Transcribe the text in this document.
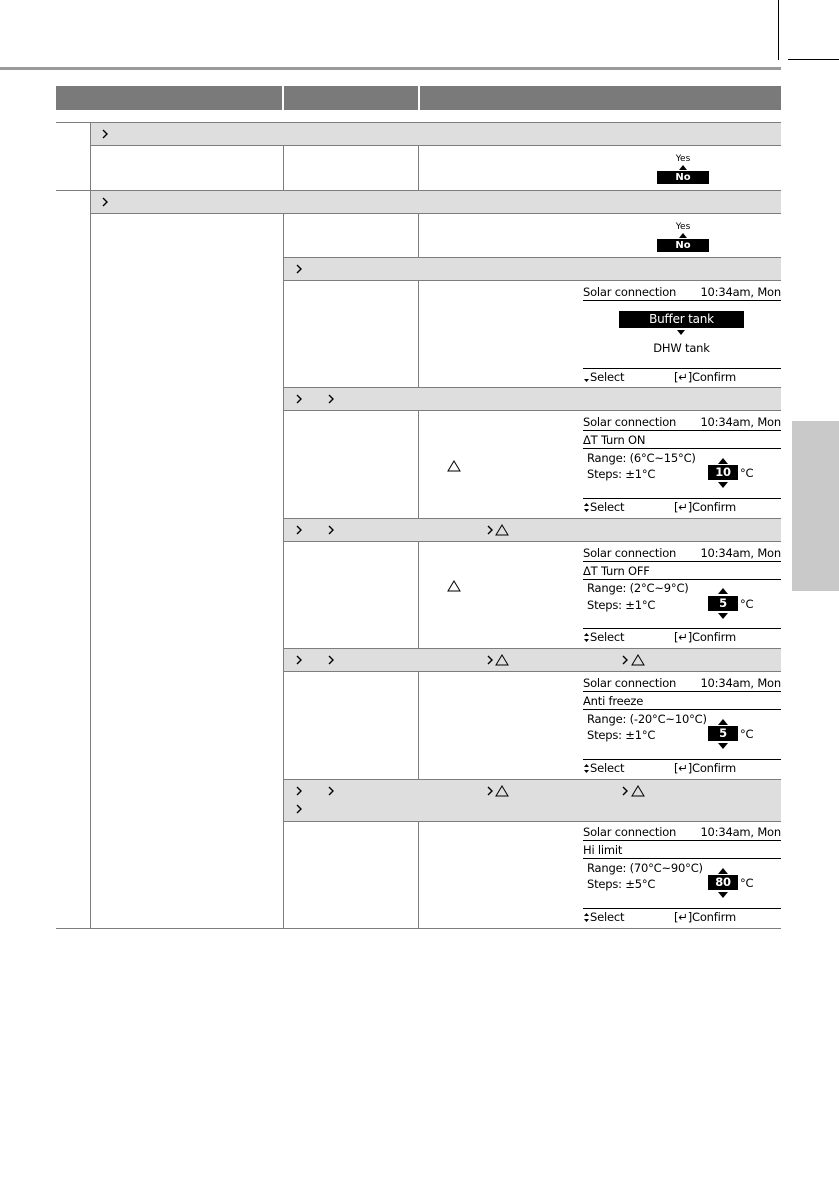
Yes
No
Yes
No
Solar connection 10:34am, Mon
Buffer tank
DHW tank
Select	[↵]Confirm
Solar connection 10:34am, Mon
ΔT Turn ON
Range: (6°C~15°C)
Steps: ±1°C	10 °C
Select	[↵]Confirm
Solar connection 10:34am, Mon
ΔT Turn OFF
Range: (2°C~9°C)
Steps: ±1°C	5	°C
Select	[↵]Confirm
Solar connection 10:34am, Mon
Anti freeze
Range: (-20°C~10°C)
Steps: ±1°C	5	°C
Select	[↵]Confirm
Solar connection 10:34am, Mon
Hi limit
Range: (70°C~90°C)
Steps: ±5°C	80 °C
Select	[↵]Confirm
